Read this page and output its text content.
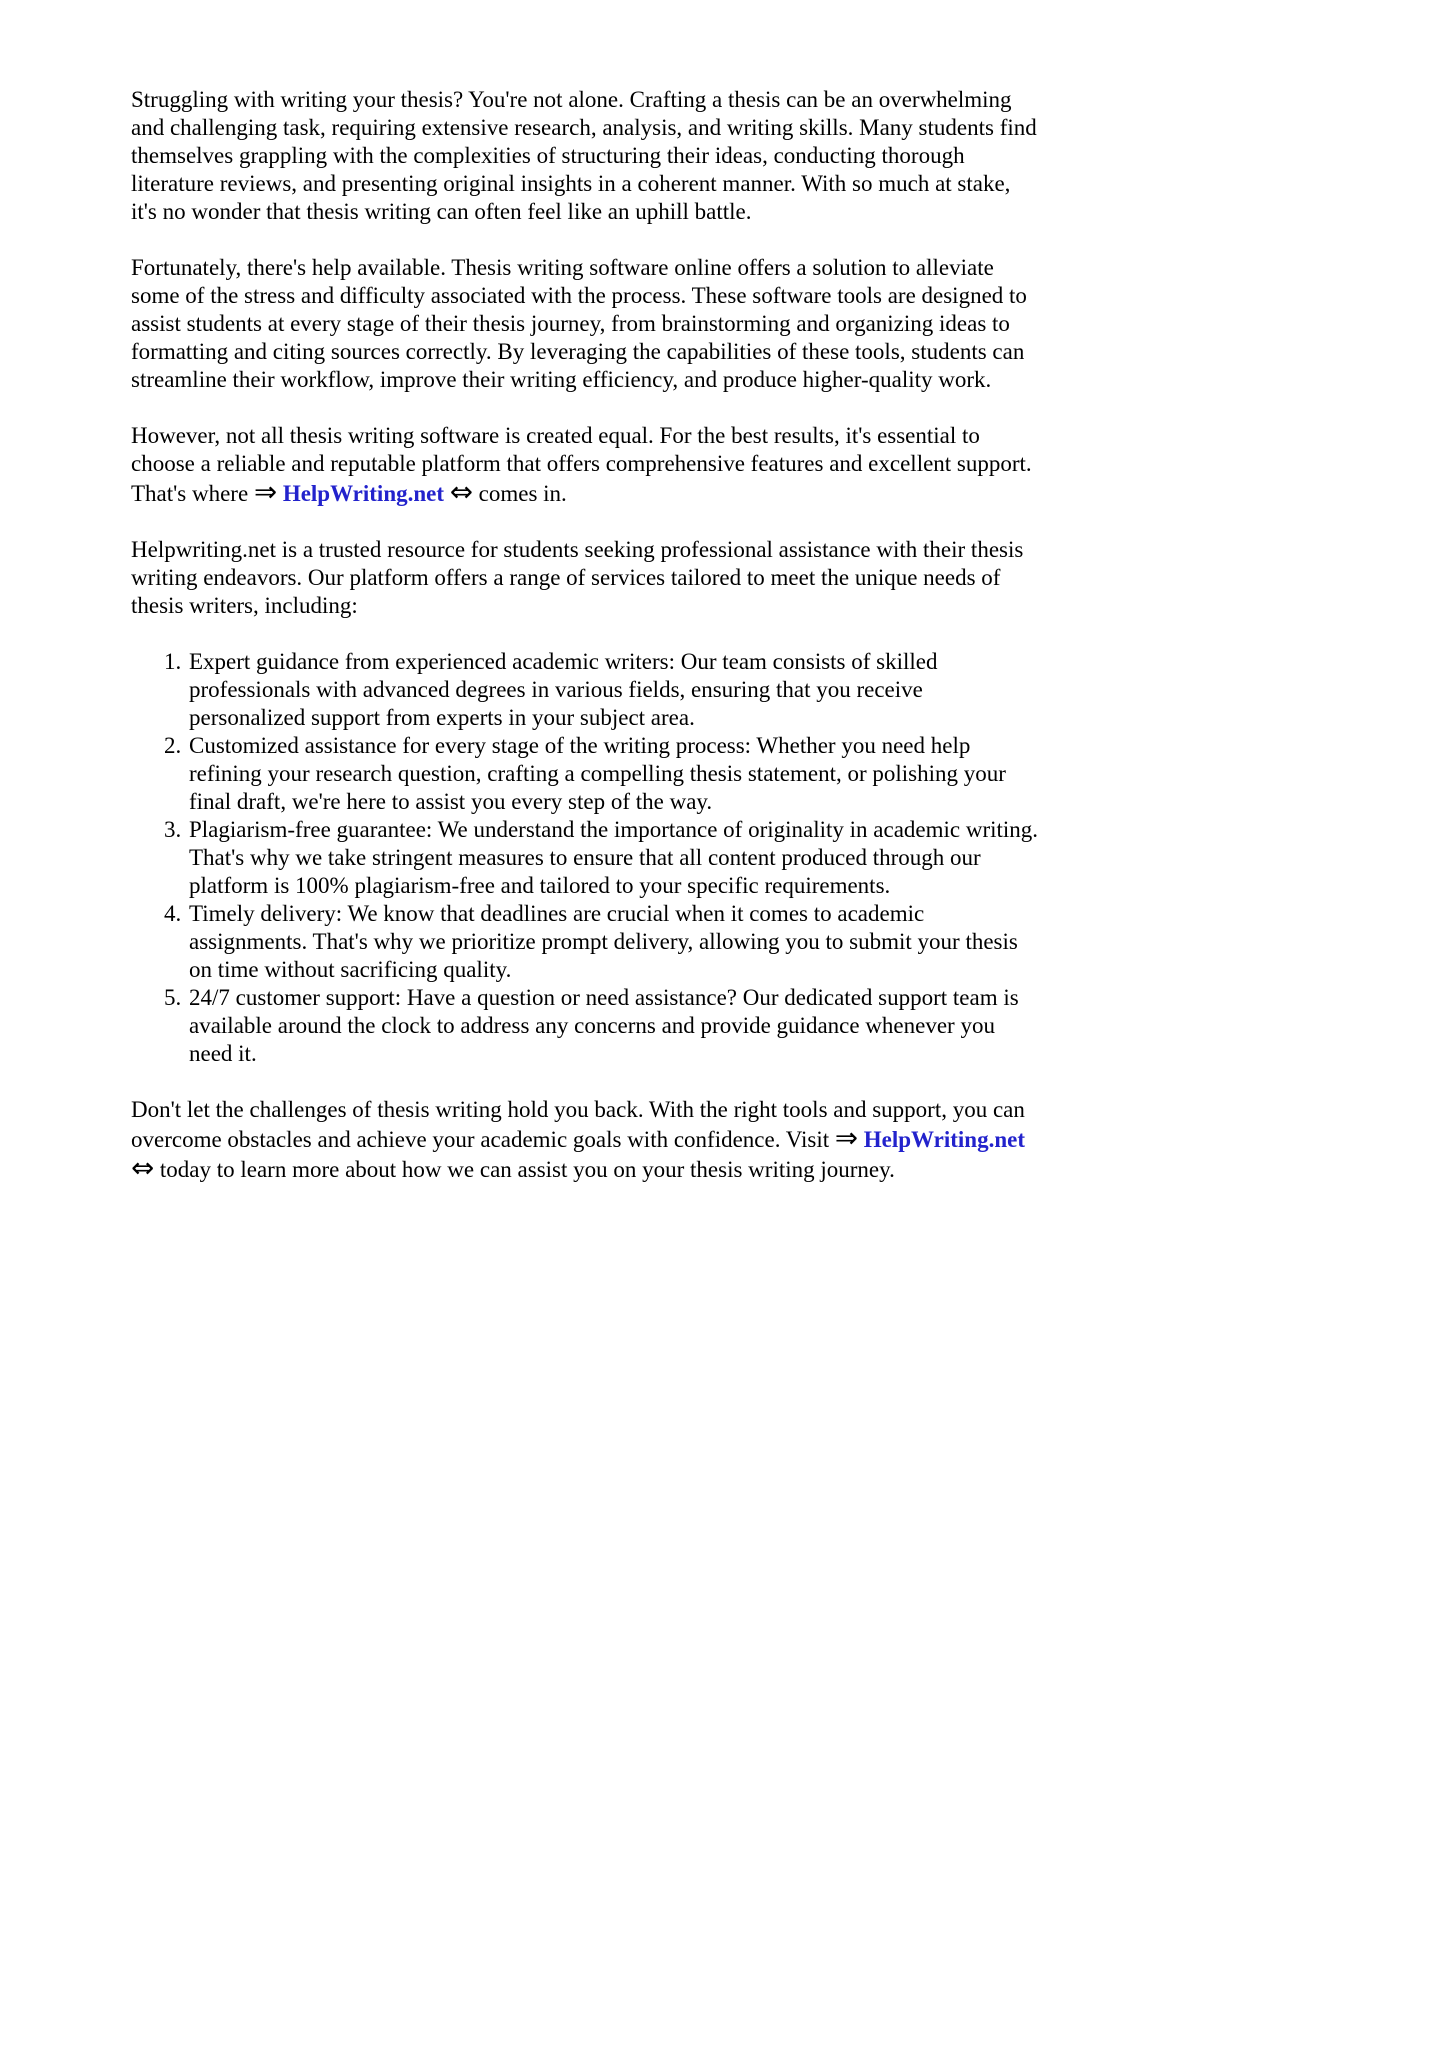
Struggling with writing your thesis? You're not alone. Crafting a thesis can be an overwhelming and challenging task, requiring extensive research, analysis, and writing skills. Many students find themselves grappling with the complexities of structuring their ideas, conducting thorough literature reviews, and presenting original insights in a coherent manner. With so much at stake, it's no wonder that thesis writing can often feel like an uphill battle.

Fortunately, there's help available. Thesis writing software online offers a solution to alleviate some of the stress and difficulty associated with the process. These software tools are designed to assist students at every stage of their thesis journey, from brainstorming and organizing ideas to formatting and citing sources correctly. By leveraging the capabilities of these tools, students can streamline their workflow, improve their writing efficiency, and produce higher-quality work.

However, not all thesis writing software is created equal. For the best results, it's essential to choose a reliable and reputable platform that offers comprehensive features and excellent support. That's where ⇒ HelpWriting.net ⇔ comes in.

Helpwriting.net is a trusted resource for students seeking professional assistance with their thesis writing endeavors. Our platform offers a range of services tailored to meet the unique needs of thesis writers, including:

1. Expert guidance from experienced academic writers: Our team consists of skilled professionals with advanced degrees in various fields, ensuring that you receive personalized support from experts in your subject area.
2. Customized assistance for every stage of the writing process: Whether you need help refining your research question, crafting a compelling thesis statement, or polishing your final draft, we're here to assist you every step of the way.
3. Plagiarism-free guarantee: We understand the importance of originality in academic writing. That's why we take stringent measures to ensure that all content produced through our platform is 100% plagiarism-free and tailored to your specific requirements.
4. Timely delivery: We know that deadlines are crucial when it comes to academic assignments. That's why we prioritize prompt delivery, allowing you to submit your thesis on time without sacrificing quality.
5. 24/7 customer support: Have a question or need assistance? Our dedicated support team is available around the clock to address any concerns and provide guidance whenever you need it.

Don't let the challenges of thesis writing hold you back. With the right tools and support, you can overcome obstacles and achieve your academic goals with confidence. Visit ⇒ HelpWriting.net ⇔ today to learn more about how we can assist you on your thesis writing journey.
